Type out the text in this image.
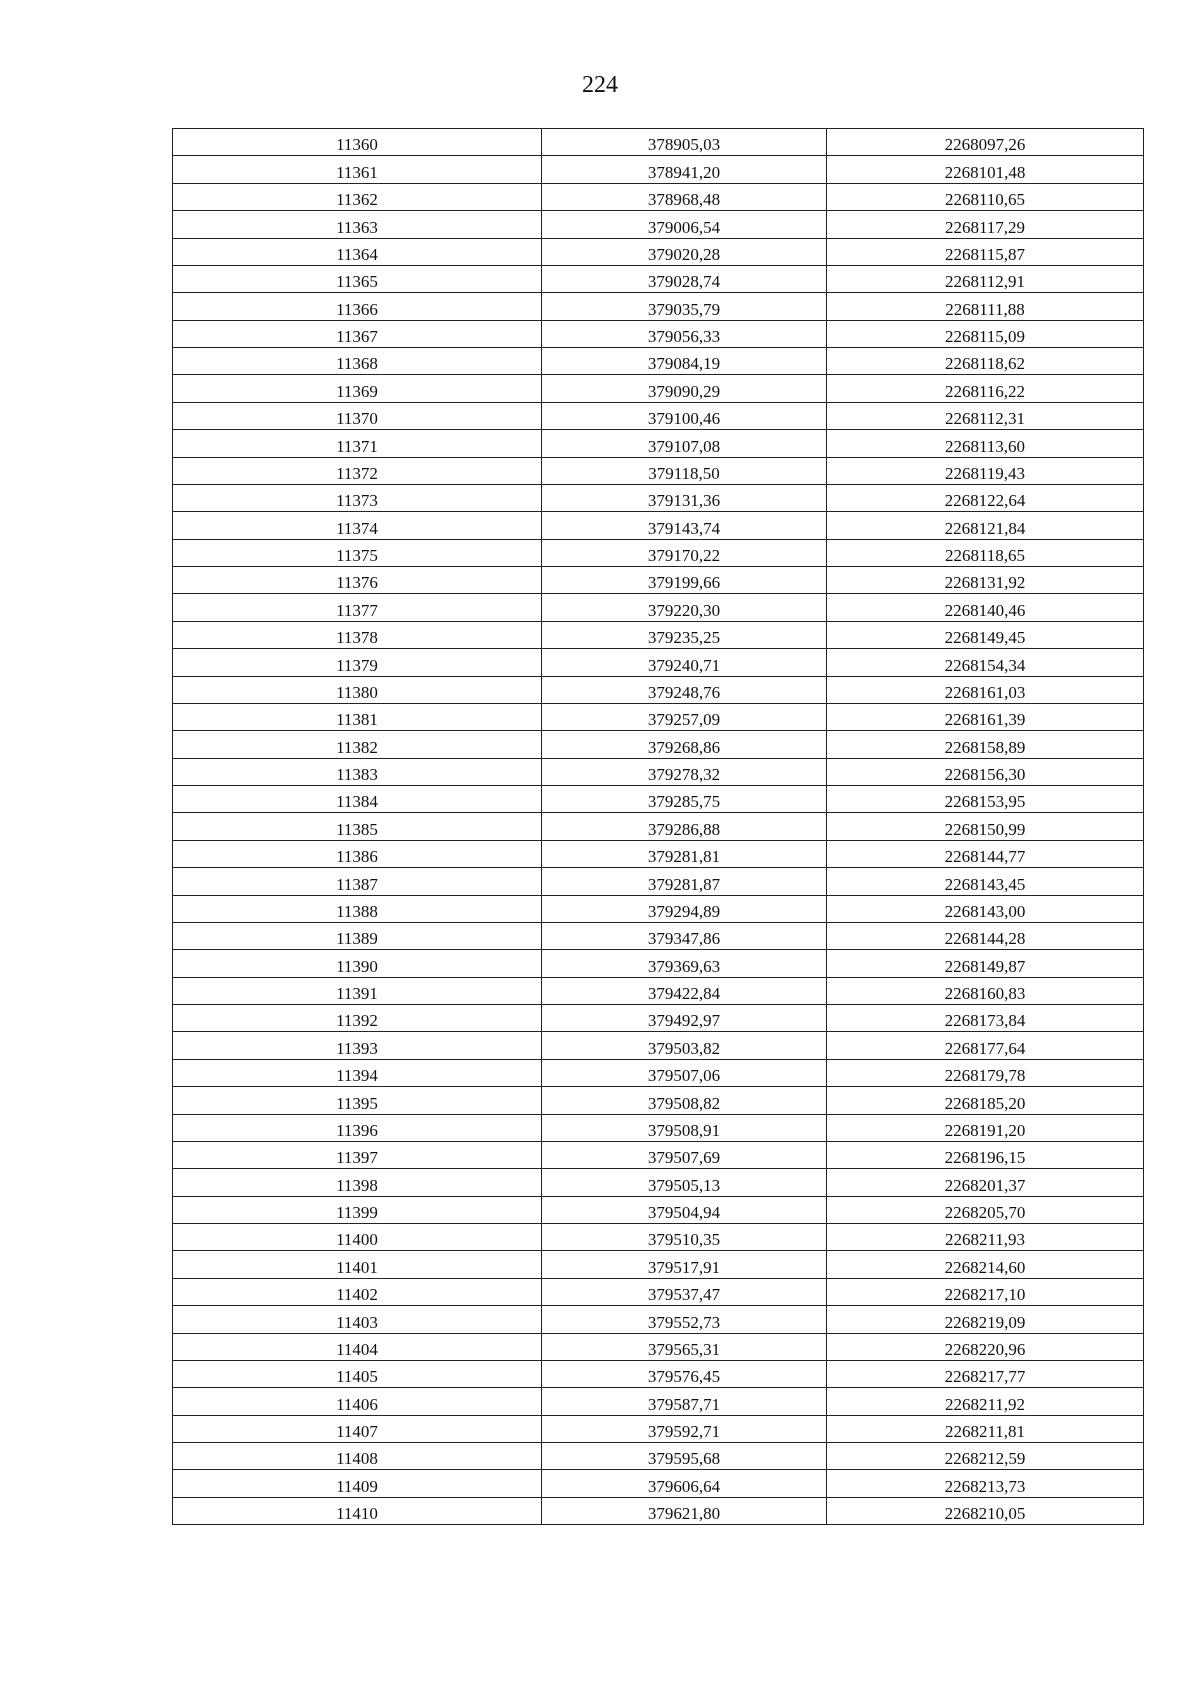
224
11360	378905,03	2268097,26
11361	378941,20	2268101,48
11362	378968,48	2268110,65
11363	379006,54	2268117,29
11364	379020,28	2268115,87
11365	379028,74	2268112,91
11366	379035,79	2268111,88
11367	379056,33	2268115,09
11368	379084,19	2268118,62
11369	379090,29	2268116,22
11370	379100,46	2268112,31
11371	379107,08	2268113,60
11372	379118,50	2268119,43
11373	379131,36	2268122,64
11374	379143,74	2268121,84
11375	379170,22	2268118,65
11376	379199,66	2268131,92
11377	379220,30	2268140,46
11378	379235,25	2268149,45
11379	379240,71	2268154,34
11380	379248,76	2268161,03
11381	379257,09	2268161,39
11382	379268,86	2268158,89
11383	379278,32	2268156,30
11384	379285,75	2268153,95
11385	379286,88	2268150,99
11386	379281,81	2268144,77
11387	379281,87	2268143,45
11388	379294,89	2268143,00
11389	379347,86	2268144,28
11390	379369,63	2268149,87
11391	379422,84	2268160,83
11392	379492,97	2268173,84
11393	379503,82	2268177,64
11394	379507,06	2268179,78
11395	379508,82	2268185,20
11396	379508,91	2268191,20
11397	379507,69	2268196,15
11398	379505,13	2268201,37
11399	379504,94	2268205,70
11400	379510,35	2268211,93
11401	379517,91	2268214,60
11402	379537,47	2268217,10
11403	379552,73	2268219,09
11404	379565,31	2268220,96
11405	379576,45	2268217,77
11406	379587,71	2268211,92
11407	379592,71	2268211,81
11408	379595,68	2268212,59
11409	379606,64	2268213,73
11410	379621,80	2268210,05
